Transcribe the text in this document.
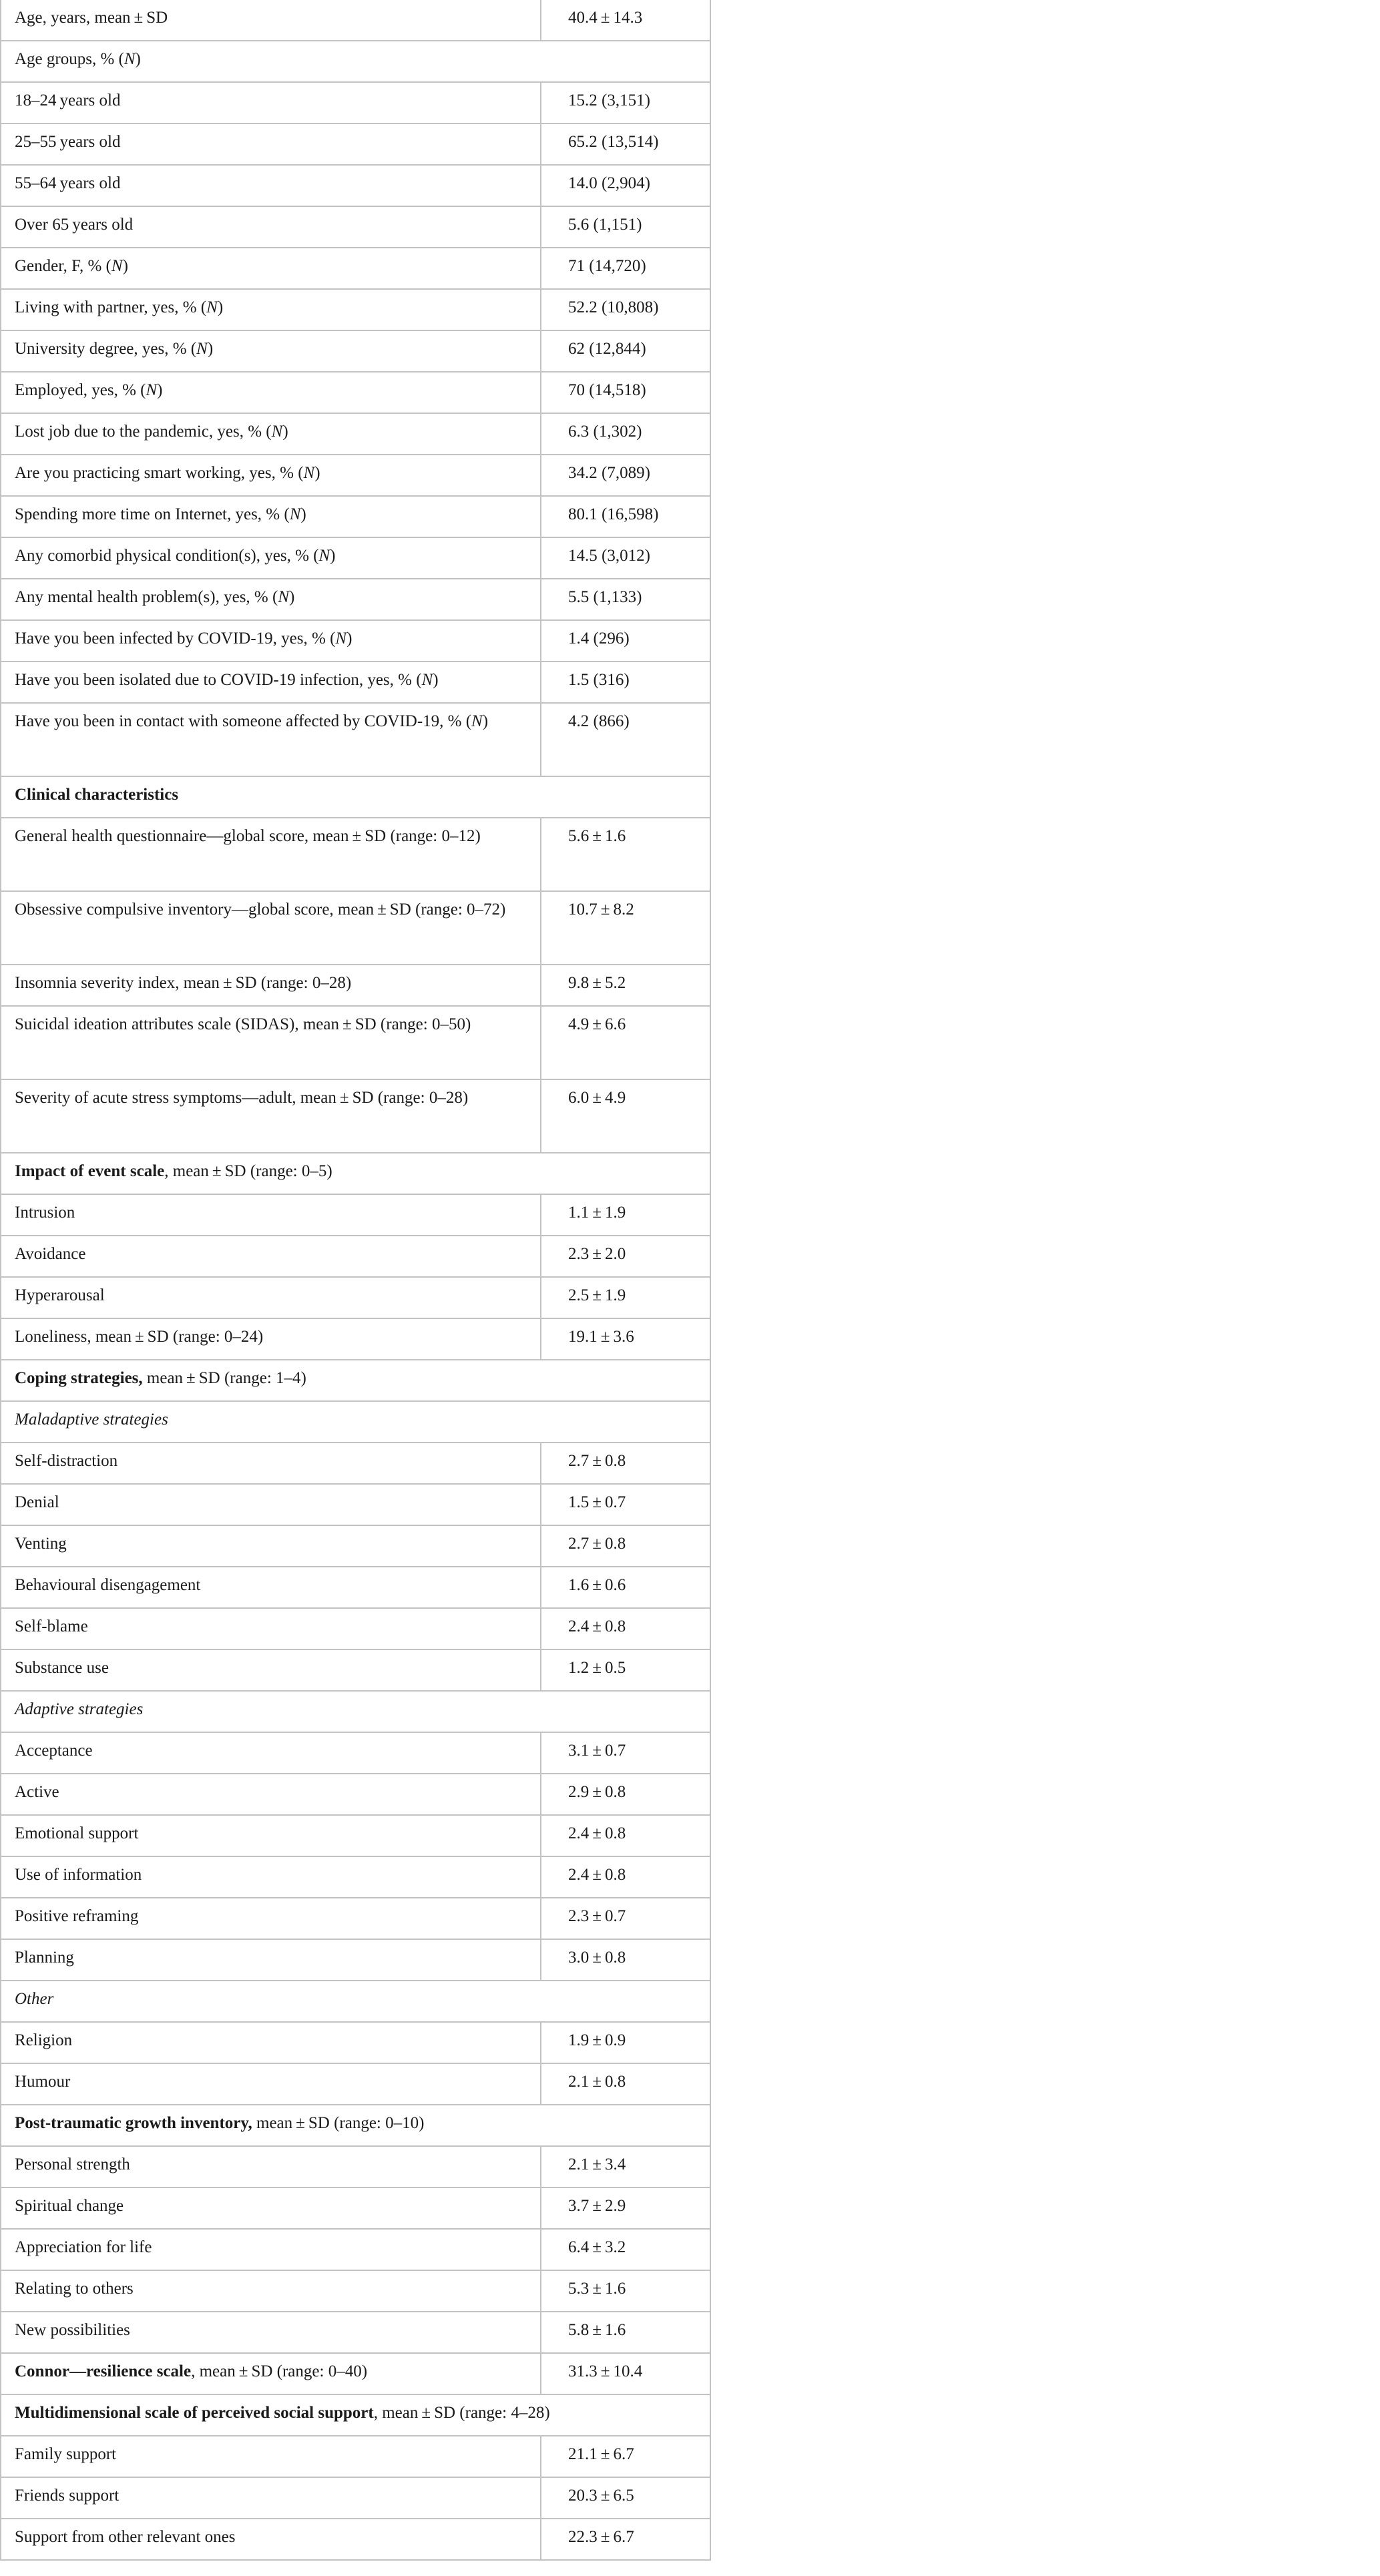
Age, years, mean ± SD	40.4 ± 14.3
Age groups, % (N)	
18–24 years old	15.2 (3,151)
25–55 years old	65.2 (13,514)
55–64 years old	14.0 (2,904)
Over 65 years old	5.6 (1,151)
Gender, F, % (N)	71 (14,720)
Living with partner, yes, % (N)	52.2 (10,808)
University degree, yes, % (N)	62 (12,844)
Employed, yes, % (N)	70 (14,518)
Lost job due to the pandemic, yes, % (N)	6.3 (1,302)
Are you practicing smart working, yes, % (N)	34.2 (7,089)
Spending more time on Internet, yes, % (N)	80.1 (16,598)
Any comorbid physical condition(s), yes, % (N)	14.5 (3,012)
Any mental health problem(s), yes, % (N)	5.5 (1,133)
Have you been infected by COVID-19, yes, % (N)	1.4 (296)
Have you been isolated due to COVID-19 infection, yes, % (N)	1.5 (316)
Have you been in contact with someone affected by COVID-19, % (N)	4.2 (866)
Clinical characteristics	
General health questionnaire—global score, mean ± SD (range: 0–12)	5.6 ± 1.6
Obsessive compulsive inventory—global score, mean ± SD (range: 0–72)	10.7 ± 8.2
Insomnia severity index, mean ± SD (range: 0–28)	9.8 ± 5.2
Suicidal ideation attributes scale (SIDAS), mean ± SD (range: 0–50)	4.9 ± 6.6
Severity of acute stress symptoms—adult, mean ± SD (range: 0–28)	6.0 ± 4.9
Impact of event scale, mean ± SD (range: 0–5)	
Intrusion	1.1 ± 1.9
Avoidance	2.3 ± 2.0
Hyperarousal	2.5 ± 1.9
Loneliness, mean ± SD (range: 0–24)	19.1 ± 3.6
Coping strategies, mean ± SD (range: 1–4)	
Maladaptive strategies	
Self-distraction	2.7 ± 0.8
Denial	1.5 ± 0.7
Venting	2.7 ± 0.8
Behavioural disengagement	1.6 ± 0.6
Self-blame	2.4 ± 0.8
Substance use	1.2 ± 0.5
Adaptive strategies	
Acceptance	3.1 ± 0.7
Active	2.9 ± 0.8
Emotional support	2.4 ± 0.8
Use of information	2.4 ± 0.8
Positive reframing	2.3 ± 0.7
Planning	3.0 ± 0.8
Other	
Religion	1.9 ± 0.9
Humour	2.1 ± 0.8
Post-traumatic growth inventory, mean ± SD (range: 0–10)	
Personal strength	2.1 ± 3.4
Spiritual change	3.7 ± 2.9
Appreciation for life	6.4 ± 3.2
Relating to others	5.3 ± 1.6
New possibilities	5.8 ± 1.6
Connor—resilience scale, mean ± SD (range: 0–40)	31.3 ± 10.4
Multidimensional scale of perceived social support, mean ± SD (range: 4–28)	
Family support	21.1 ± 6.7
Friends support	20.3 ± 6.5
Support from other relevant ones	22.3 ± 6.7
